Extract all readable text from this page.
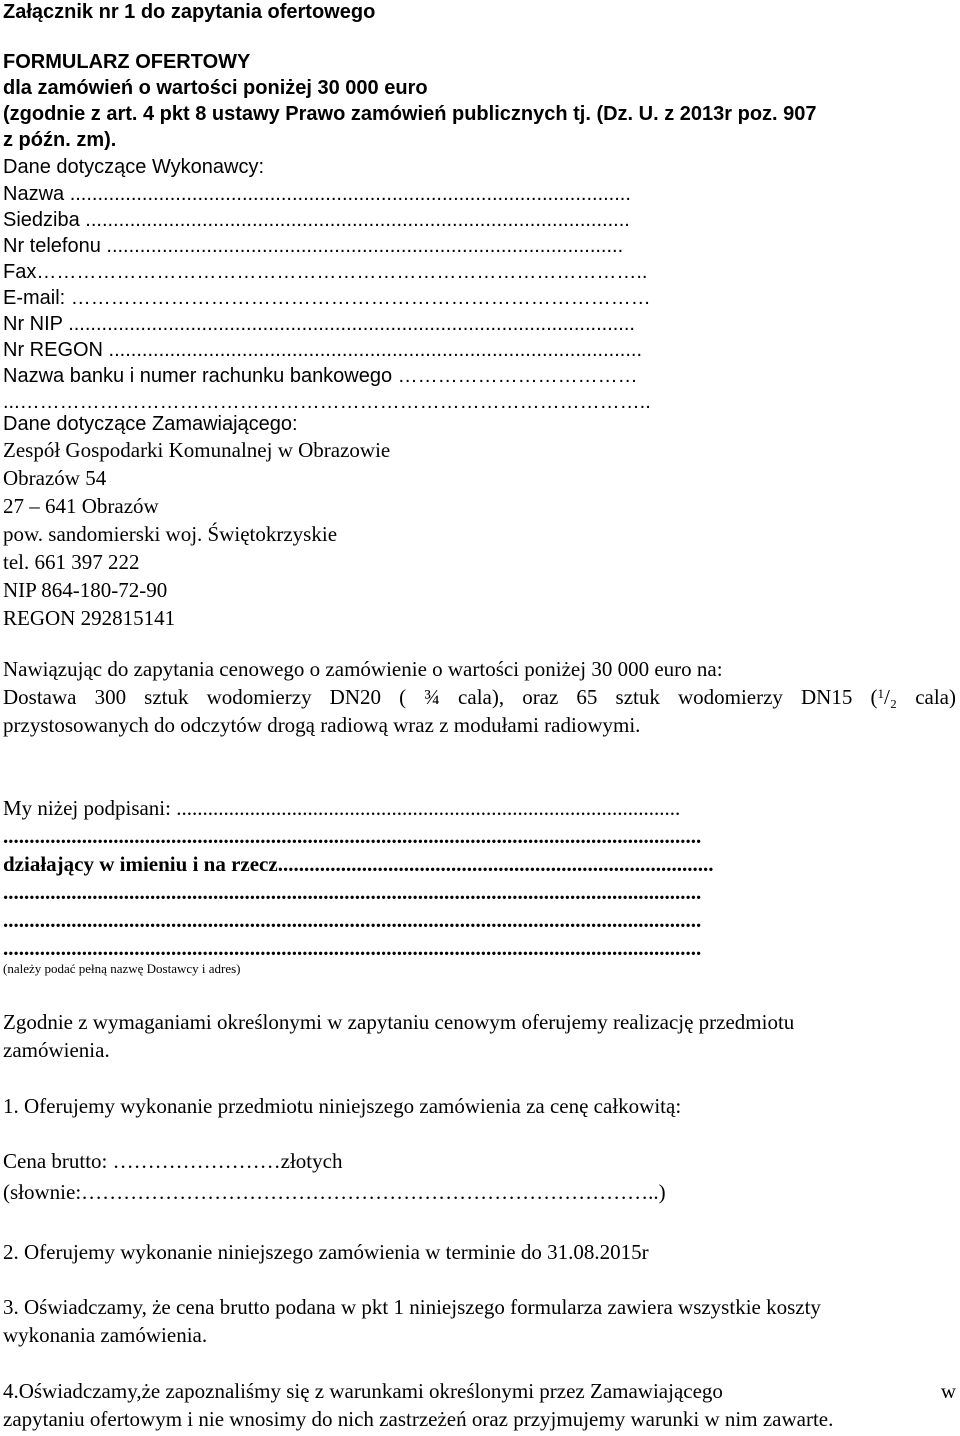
Załącznik nr 1 do zapytania ofertowego
FORMULARZ OFERTOWY
dla zamówień o wartości poniżej 30 000 euro
(zgodnie z art. 4 pkt 8 ustawy Prawo zamówień publicznych tj. (Dz. U. z 2013r poz. 907
z późn. zm).
Dane dotyczące Wykonawcy:
Nazwa .....................................................................................................
Siedziba ..................................................................................................
Nr telefonu .............................................................................................
Fax………………………………………………………………………………..
E-mail: ……………………………………………………………………………
Nr NIP ......................................................................................................
Nr REGON ................................................................................................
Nazwa banku i numer rachunku bankowego ………………………………
...…………………………………………………………………………………..
Dane dotyczące Zamawiającego:
Zespół Gospodarki Komunalnej w Obrazowie
Obrazów 54
27 – 641 Obrazów
pow. sandomierski woj. Świętokrzyskie
tel. 661 397 222
NIP 864-180-72-90
REGON 292815141
Nawiązując do zapytania cenowego o zamówienie o wartości poniżej 30 000 euro na:
Dostawa 300 sztuk wodomierzy DN20 ( ¾ cala), oraz 65 sztuk wodomierzy DN15 ($^1$/₂ cala)
przystosowanych do odczytów drogą radiową wraz z modułami radiowymi.
My niżej podpisani: ................................................................................................
.....................................................................................................................................
działający w imieniu i na rzecz...................................................................................
.....................................................................................................................................
.....................................................................................................................................
.....................................................................................................................................
(należy podać pełną nazwę Dostawcy i adres)
Zgodnie z wymaganiami określonymi w zapytaniu cenowym oferujemy realizację przedmiotu
zamówienia.
1. Oferujemy wykonanie przedmiotu niniejszego zamówienia za cenę całkowitą:
Cena brutto: ……………………złotych
(słownie:………………………………………………………………………..)
2. Oferujemy wykonanie niniejszego zamówienia w terminie do 31.08.2015r
3. Oświadczamy, że cena brutto podana w pkt 1 niniejszego formularza zawiera wszystkie koszty
wykonania zamówienia.
4.Oświadczamy,że zapoznaliśmy się z warunkami określonymi przez Zamawiającego	w
zapytaniu ofertowym i nie wnosimy do nich zastrzeżeń oraz przyjmujemy warunki w nim zawarte.
